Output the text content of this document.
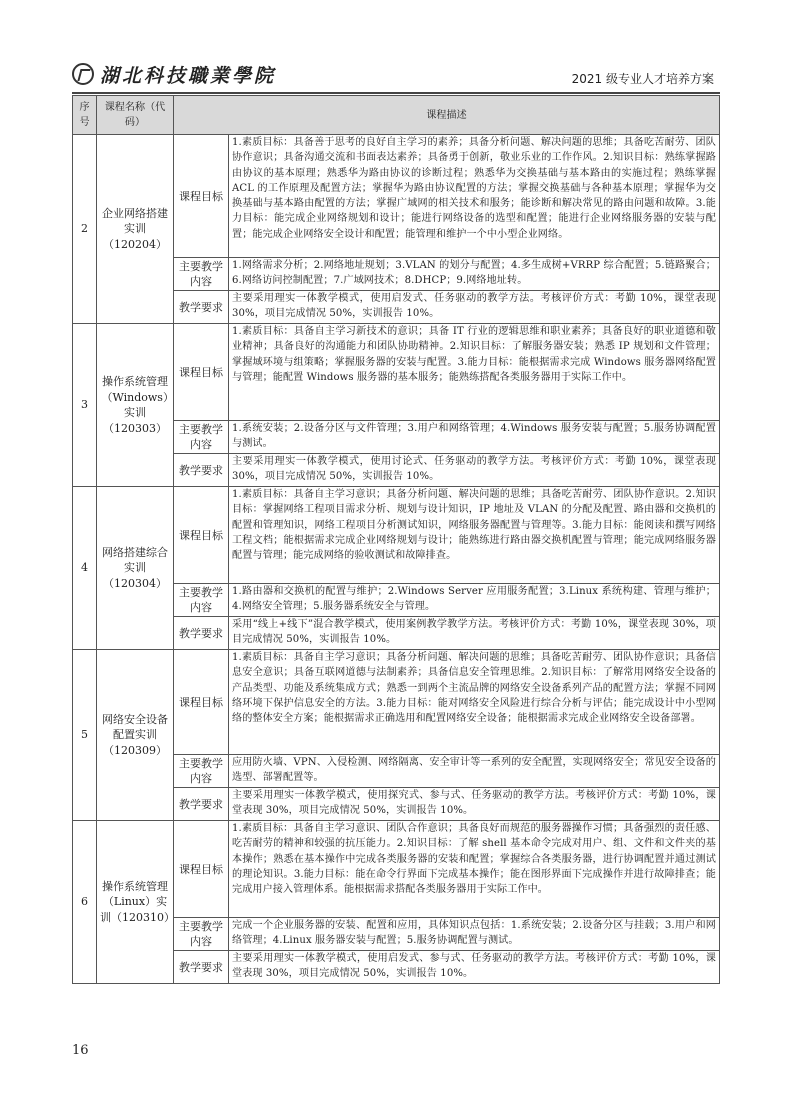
湖北科技職業學院	2021 级专业人才培养方案
序号	课程名称（代码）	课程描述	
2	企业网络搭建实训（120204）	课程目标	1.素质目标：具备善于思考的良好自主学习的素养；具备分析问题、解决问题的思维；具备吃苦耐劳、团队协作意识；具备沟通交流和书面表达素养；具备勇于创新，敬业乐业的工作作风。2.知识目标：熟练掌握路由协议的基本原理；熟悉华为路由协议的诊断过程；熟悉华为交换基础与基本路由的实施过程；熟练掌握 ACL 的工作原理及配置方法；掌握华为路由协议配置的方法；掌握交换基础与各种基本原理；掌握华为交换基础与基本路由配置的方法；掌握广域网的相关技术和服务；能诊断和解决常见的路由问题和故障。3.能力目标：能完成企业网络规划和设计；能进行网络设备的选型和配置；能进行企业网络服务器的安装与配置；能完成企业网络安全设计和配置；能管理和维护一个中小型企业网络。
		主要教学内容	1.网络需求分析；2.网络地址规划；3.VLAN 的划分与配置；4.多生成树+VRRP 综合配置；5.链路聚合；6.网络访问控制配置；7.广域网技术；8.DHCP；9.网络地址转。
		教学要求	主要采用理实一体教学模式，使用启发式、任务驱动的教学方法。考核评价方式：考勤 10%，课堂表现 30%，项目完成情况 50%，实训报告 10%。
3	操作系统管理（Windows）实训（120303）	课程目标	1.素质目标：具备自主学习新技术的意识；具备 IT 行业的逻辑思维和职业素养；具备良好的职业道德和敬业精神；具备良好的沟通能力和团队协助精神。2.知识目标：了解服务器安装；熟悉 IP 规划和文件管理；掌握域环境与组策略；掌握服务器的安装与配置。3.能力目标：能根据需求完成 Windows 服务器网络配置与管理；能配置 Windows 服务器的基本服务；能熟练搭配各类服务器用于实际工作中。
		主要教学内容	1.系统安装；2.设备分区与文件管理；3.用户和网络管理；4.Windows 服务安装与配置；5.服务协调配置与测试。
		教学要求	主要采用理实一体教学模式，使用讨论式、任务驱动的教学方法。考核评价方式：考勤 10%，课堂表现 30%，项目完成情况 50%，实训报告 10%。
4	网络搭建综合实训（120304）	课程目标	1.素质目标：具备自主学习意识；具备分析问题、解决问题的思维；具备吃苦耐劳、团队协作意识。2.知识目标：掌握网络工程项目需求分析、规划与设计知识，IP 地址及 VLAN 的分配及配置、路由器和交换机的配置和管理知识，网络工程项目分析测试知识，网络服务器配置与管理等。3.能力目标：能阅读和撰写网络工程文档；能根据需求完成企业网络规划与设计；能熟练进行路由器交换机配置与管理；能完成网络服务器配置与管理；能完成网络的验收测试和故障排查。
		主要教学内容	1.路由器和交换机的配置与维护；2.Windows Server 应用服务配置；3.Linux 系统构建、管理与维护；4.网络安全管理；5.服务器系统安全与管理。
		教学要求	采用“线上+线下”混合教学模式，使用案例教学教学方法。考核评价方式：考勤 10%，课堂表现 30%，项目完成情况 50%，实训报告 10%。
5	网络安全设备配置实训（120309）	课程目标	1.素质目标：具备自主学习意识；具备分析问题、解决问题的思维；具备吃苦耐劳、团队协作意识；具备信息安全意识；具备互联网道德与法制素养；具备信息安全管理思维。2.知识目标：了解常用网络安全设备的产品类型、功能及系统集成方式；熟悉一到两个主流品牌的网络安全设备系列产品的配置方法；掌握不同网络环境下保护信息安全的方法。3.能力目标：能对网络安全风险进行综合分析与评估；能完成设计中小型网络的整体安全方案；能根据需求正确选用和配置网络安全设备；能根据需求完成企业网络安全设备部署。
		主要教学内容	应用防火墙、VPN、入侵检测、网络隔离、安全审计等一系列的安全配置，实现网络安全；常见安全设备的选型、部署配置等。
		教学要求	主要采用理实一体教学模式，使用探究式、参与式、任务驱动的教学方法。考核评价方式：考勤 10%，课堂表现 30%，项目完成情况 50%，实训报告 10%。
6	操作系统管理（Linux）实训（120310）	课程目标	1.素质目标：具备自主学习意识、团队合作意识；具备良好而规范的服务器操作习惯；具备强烈的责任感、吃苦耐劳的精神和较强的抗压能力。2.知识目标：了解 shell 基本命令完成对用户、组、文件和文件夹的基本操作；熟悉在基本操作中完成各类服务器的安装和配置；掌握综合各类服务器，进行协调配置并通过测试的理论知识。3.能力目标：能在命令行界面下完成基本操作；能在图形界面下完成操作并进行故障排查；能完成用户接入管理体系。能根据需求搭配各类服务器用于实际工作中。
		主要教学内容	完成一个企业服务器的安装、配置和应用，具体知识点包括：1.系统安装；2.设备分区与挂载；3.用户和网络管理；4.Linux 服务器安装与配置；5.服务协调配置与测试。
		教学要求	主要采用理实一体教学模式，使用启发式、参与式、任务驱动的教学方法。考核评价方式：考勤 10%，课堂表现 30%，项目完成情况 50%，实训报告 10%。
16
